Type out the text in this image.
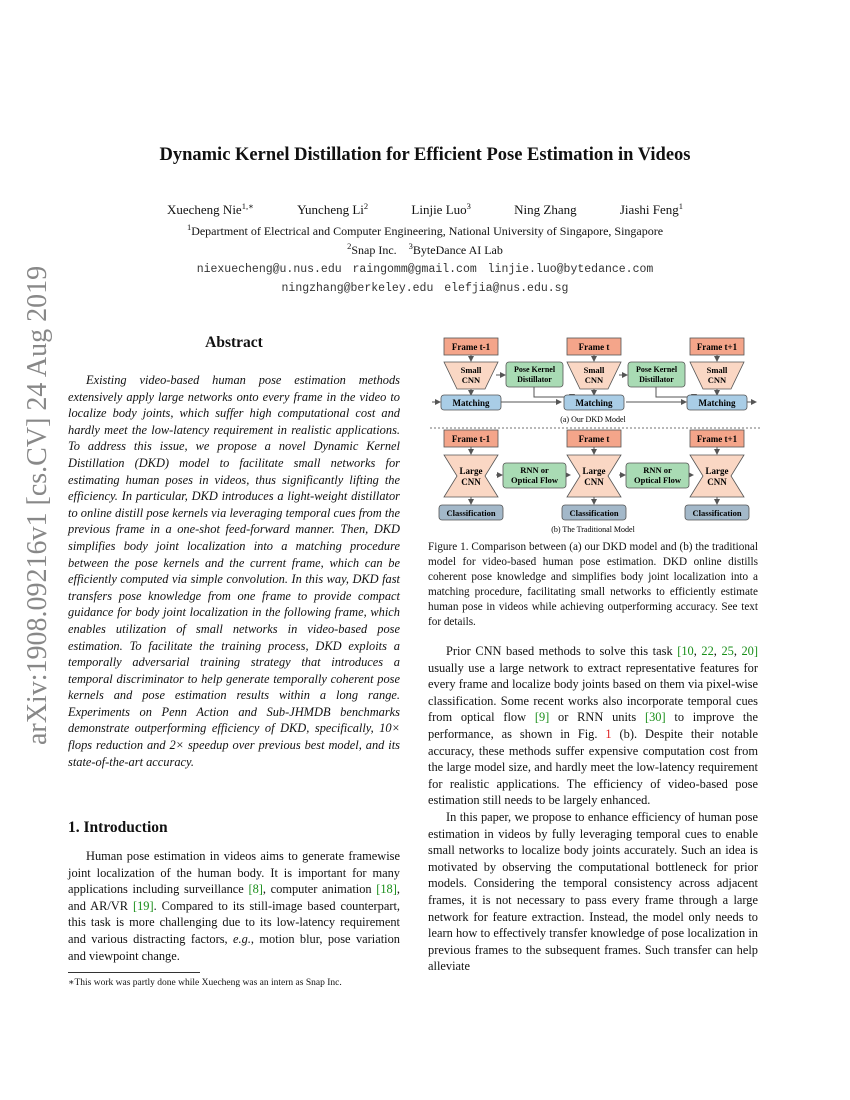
arXiv:1908.09216v1 [cs.CV] 24 Aug 2019
Dynamic Kernel Distillation for Efficient Pose Estimation in Videos
Xuecheng Nie$^{1,∗}$	Yuncheng Li$^2$	Linjie Luo$^3$	Ning Zhang	Jiashi Feng$^1$
$^1$Department of Electrical and Computer Engineering, National University of Singapore, Singapore
$^2$Snap Inc. $^3$ByteDance AI Lab
niexuecheng@u.nus.edu raingomm@gmail.com linjie.luo@bytedance.com
ningzhang@berkeley.edu elefjia@nus.edu.sg
Abstract
Existing video-based human pose estimation methods extensively apply large networks onto every frame in the video to localize body joints, which suffer high computational cost and hardly meet the low-latency requirement in realistic applications. To address this issue, we propose a novel Dynamic Kernel Distillation (DKD) model to facilitate small networks for estimating human poses in videos, thus significantly lifting the efficiency. In particular, DKD introduces a light-weight distillator to online distill pose kernels via leveraging temporal cues from the previous frame in a one-shot feed-forward manner. Then, DKD simplifies body joint localization into a matching procedure between the pose kernels and the current frame, which can be efficiently computed via simple convolution. In this way, DKD fast transfers pose knowledge from one frame to provide compact guidance for body joint localization in the following frame, which enables utilization of small networks in video-based pose estimation. To facilitate the training process, DKD exploits a temporally adversarial training strategy that introduces a temporal discriminator to help generate temporally coherent pose kernels and pose estimation results within a long range. Experiments on Penn Action and Sub-JHMDB benchmarks demonstrate outperforming efficiency of DKD, specifically, 10× flops reduction and 2× speedup over previous best model, and its state-of-the-art accuracy.
1. Introduction
Human pose estimation in videos aims to generate framewise joint localization of the human body. It is important for many applications including surveillance [8], computer animation [18], and AR/VR [19]. Compared to its still-image based counterpart, this task is more challenging due to its low-latency requirement and various distracting factors, e.g., motion blur, pose variation and viewpoint change.
∗This work was partly done while Xuecheng was an intern as Snap Inc.
Frame t-1	Frame t	Frame t+1
Small
CNN
Small
CNN
Small
CNN
Pose Kernel
Distillator
Pose Kernel
Distillator
Matching	Matching	Matching
(a) Our DKD Model
Frame t-1	Frame t	Frame t+1
Large
CNN
Large
CNN
Large
CNN
RNN or
Optical Flow
RNN or
Optical Flow
Classification	Classification	Classification
(b) The Traditional Model
Figure 1. Comparison between (a) our DKD model and (b) the traditional model for video-based human pose estimation. DKD online distills coherent pose knowledge and simplifies body joint localization into a matching procedure, facilitating small networks to efficiently estimate human pose in videos while achieving outperforming accuracy. See text for details.

Prior CNN based methods to solve this task [10, 22, 25, 20] usually use a large network to extract representative features for every frame and localize body joints based on them via pixel-wise classification. Some recent works also incorporate temporal cues from optical flow [9] or RNN units [30] to improve the performance, as shown in Fig. 1 (b). Despite their notable accuracy, these methods suffer expensive computation cost from the large model size, and hardly meet the low-latency requirement for realistic applications. The efficiency of video-based pose estimation still needs to be largely enhanced.

In this paper, we propose to enhance efficiency of human pose estimation in videos by fully leveraging temporal cues to enable small networks to localize body joints accurately. Such an idea is motivated by observing the computational bottleneck for prior models. Considering the temporal consistency across adjacent frames, it is not necessary to pass every frame through a large network for feature extraction. Instead, the model only needs to learn how to effectively transfer knowledge of pose localization in previous frames to the subsequent frames. Such transfer can help alleviate
